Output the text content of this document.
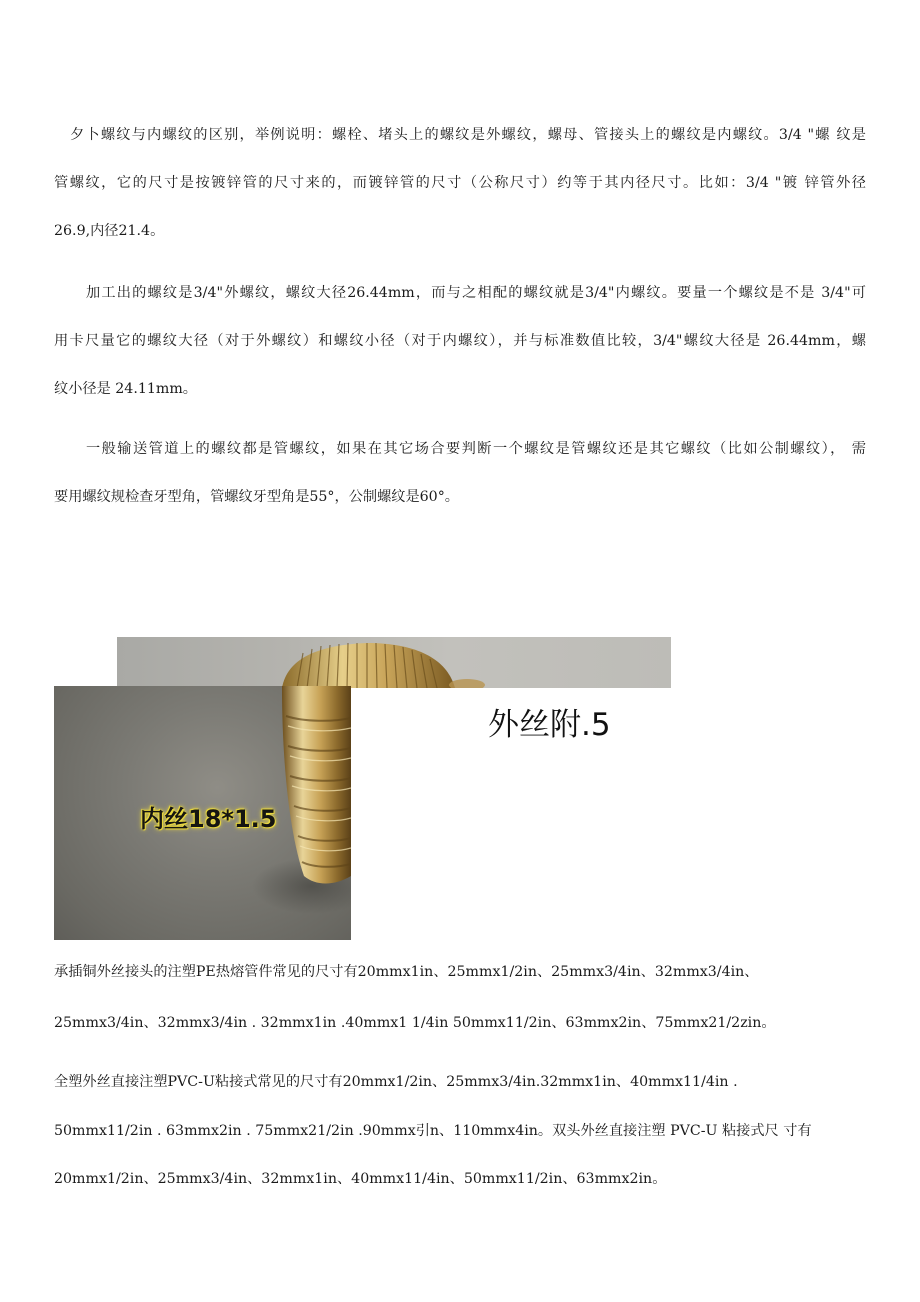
夕卜螺纹与内螺纹的区别，举例说明：螺栓、堵头上的螺纹是外螺纹，螺母、管接头上的螺纹是内螺纹。3/4 "螺 纹是
管螺纹，它的尺寸是按镀锌管的尺寸来的，而镀锌管的尺寸（公称尺寸）约等于其内径尺寸。比如：3/4 "镀 锌管外径
26.9,内径21.4。
加工出的螺纹是3/4"外螺纹，螺纹大径26.44mm，而与之相配的螺纹就是3/4"内螺纹。要量一个螺纹是不是 3/4"可
用卡尺量它的螺纹大径（对于外螺纹）和螺纹小径（对于内螺纹），并与标准数值比较，3/4"螺纹大径是 26.44mm，螺
纹小径是 24.11mm。
一般输送管道上的螺纹都是管螺纹，如果在其它场合要判断一个螺纹是管螺纹还是其它螺纹（比如公制螺纹）， 需
要用螺纹规检查牙型角，管螺纹牙型角是55°，公制螺纹是60°。
内丝18*1.5
外丝附.5
承插铜外丝接头的注塑PE热熔管件常见的尺寸有20mmx1in、25mmx1/2in、25mmx3/4in、32mmx3/4in、
25mmx3/4in、32mmx3/4in . 32mmx1in .40mmx1 1/4in 50mmx11/2in、63mmx2in、75mmx21/2zin。
全塑外丝直接注塑PVC-U粘接式常见的尺寸有20mmx1/2in、25mmx3/4in.32mmx1in、40mmx11/4in .
50mmx11/2in . 63mmx2in . 75mmx21/2in .90mmx引n、110mmx4in。双头外丝直接注塑 PVC-U 粘接式尺 寸有
20mmx1/2in、25mmx3/4in、32mmx1in、40mmx11/4in、50mmx11/2in、63mmx2in。
